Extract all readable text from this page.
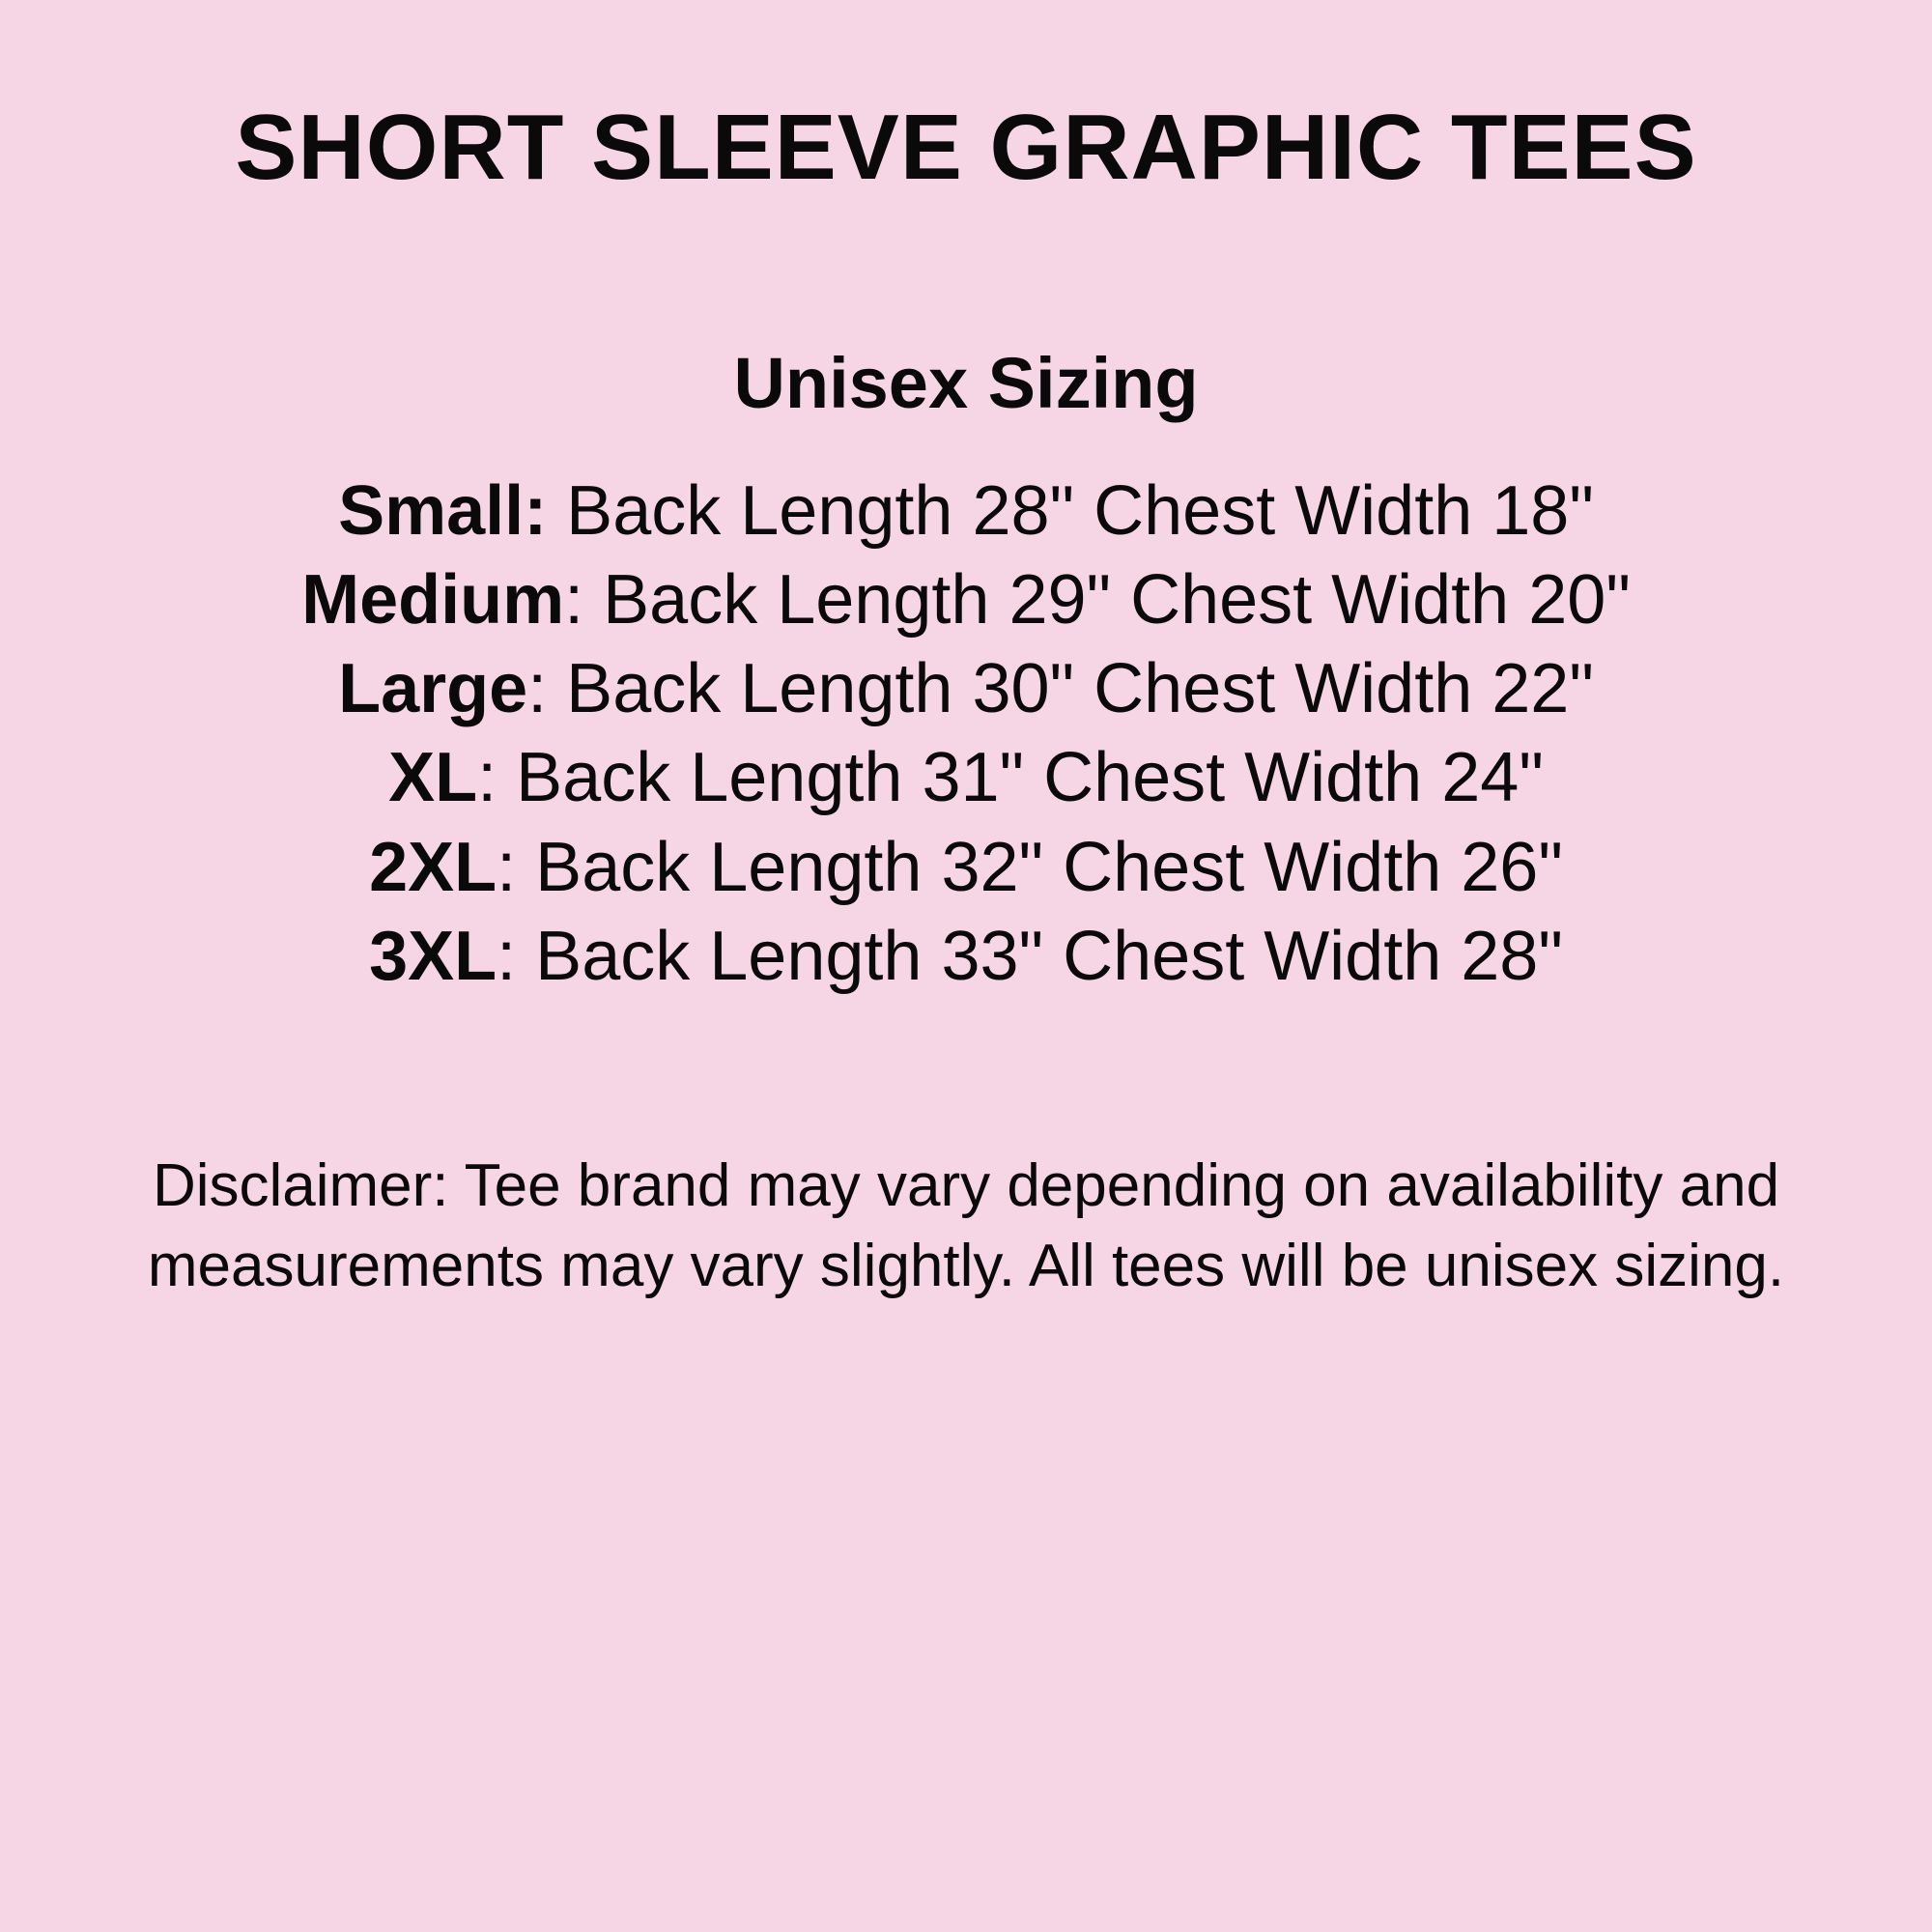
SHORT SLEEVE GRAPHIC TEES
Unisex Sizing
Small: Back Length 28" Chest Width 18"
Medium: Back Length 29" Chest Width 20"
Large: Back Length 30" Chest Width 22"
XL: Back Length 31" Chest Width 24"
2XL: Back Length 32" Chest Width 26"
3XL: Back Length 33" Chest Width 28"

Disclaimer: Tee brand may vary depending on availability and measurements may vary slightly. All tees will be unisex sizing.
